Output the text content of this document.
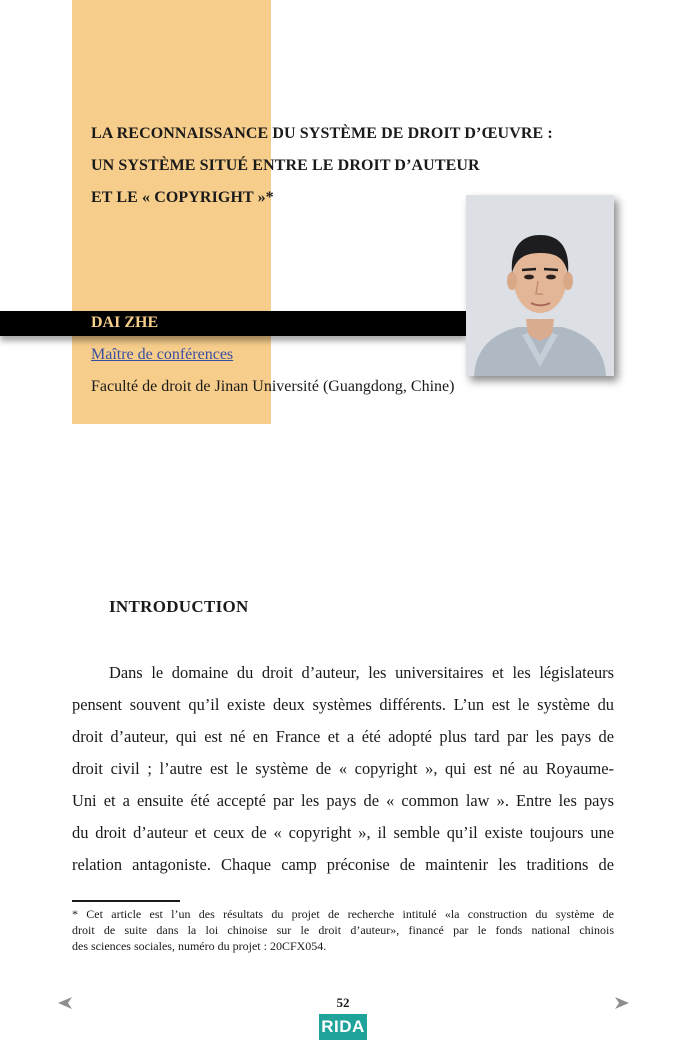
LA RECONNAISSANCE DU SYSTÈME DE DROIT D’ŒUVRE :
UN SYSTÈME SITUÉ ENTRE LE DROIT D’AUTEUR
ET LE « COPYRIGHT »*

DAI ZHE

Maître de conférences

Faculté de droit de Jinan Université (Guangdong, Chine)

INTRODUCTION

Dans le domaine du droit d’auteur, les universitaires et les législateurs
pensent souvent qu’il existe deux systèmes différents. L’un est le système du
droit d’auteur, qui est né en France et a été adopté plus tard par les pays de
droit civil ; l’autre est le système de « copyright », qui est né au Royaume-
Uni et a ensuite été accepté par les pays de « common law ». Entre les pays
du droit d’auteur et ceux de « copyright », il semble qu’il existe toujours une
relation antagoniste. Chaque camp préconise de maintenir les traditions de

* Cet article est l’un des résultats du projet de recherche intitulé «la construction du système de
droit de suite dans la loi chinoise sur le droit d’auteur», financé par le fonds national chinois
des sciences sociales, numéro du projet : 20CFX054.

52

RIDA
